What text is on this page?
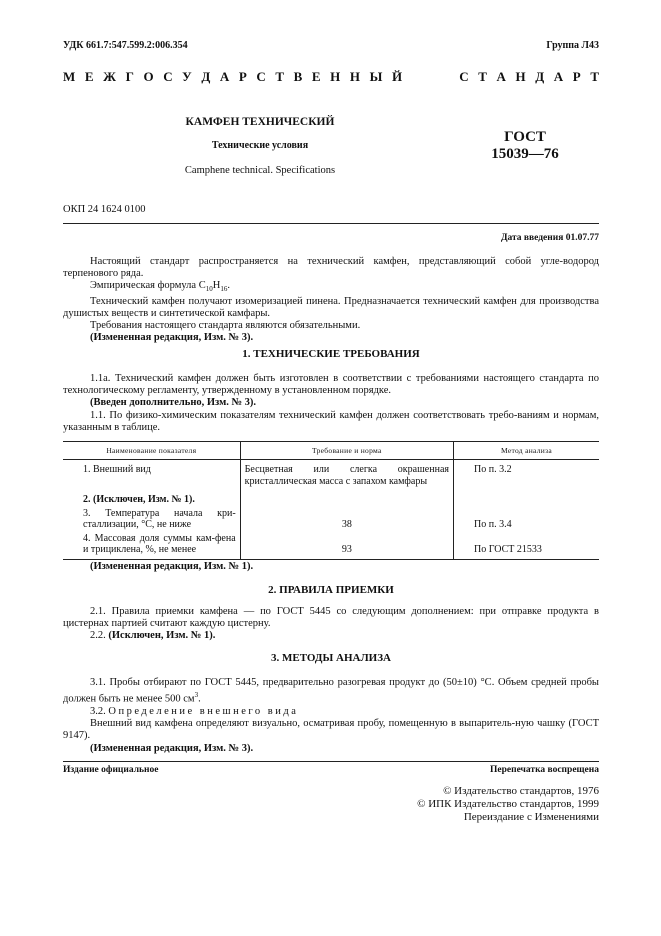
УДК 661.7:547.599.2:006.354	Группа Л43
М Е Ж Г О С У Д А Р С Т В Е Н Н Ы Й	С Т А Н Д А Р Т
КАМФЕН ТЕХНИЧЕСКИЙ
Технические условия
Camphene technical. Specifications
ГОСТ
15039—76
ОКП 24 1624 0100
Дата введения 01.07.77
Настоящий стандарт распространяется на технический камфен, представляющий собой угле-водород терпенового ряда.
Эмпирическая формула $C_{10}H_{16}$.
Технический камфен получают изомеризацией пинена. Предназначается технический камфен для производства душистых веществ и синтетической камфары.
Требования настоящего стандарта являются обязательными.
(Измененная редакция, Изм. № 3).
1. ТЕХНИЧЕСКИЕ ТРЕБОВАНИЯ
1.1а. Технический камфен должен быть изготовлен в соответствии с требованиями настоящего стандарта по технологическому регламенту, утвержденному в установленном порядке.
(Введен дополнительно, Изм. № 3).
1.1. По физико-химическим показателям технический камфен должен соответствовать требо-ваниям и нормам, указанным в таблице.
Наименование показателя	Требование и норма	Метод анализа
1. Внешний вид	Бесцветная или слегка окрашенная кристаллическая масса с запахом камфары	По п. 3.2
2. (Исключен, Изм. № 1).		
3. Температура начала кри-сталлизации, °С, не ниже	38	По п. 3.4
4. Массовая доля суммы кам-фена и трициклена, %, не менее	93	По ГОСТ 21533
(Измененная редакция, Изм. № 1).
2. ПРАВИЛА ПРИЕМКИ
2.1. Правила приемки камфена — по ГОСТ 5445 со следующим дополнением: при отправке продукта в цистернах партией считают каждую цистерну.
2.2. (Исключен, Изм. № 1).
3. МЕТОДЫ АНАЛИЗА
3.1. Пробы отбирают по ГОСТ 5445, предварительно разогревая продукт до (50±10) °С. Объем средней пробы должен быть не менее 500 $см^3$.
3.2. Определение внешнего вида
Внешний вид камфена определяют визуально, осматривая пробу, помещенную в выпаритель-ную чашку (ГОСТ 9147).
(Измененная редакция, Изм. № 3).
Издание официальное	Перепечатка воспрещена
© Издательство стандартов, 1976
© ИПК Издательство стандартов, 1999
Переиздание с Изменениями
